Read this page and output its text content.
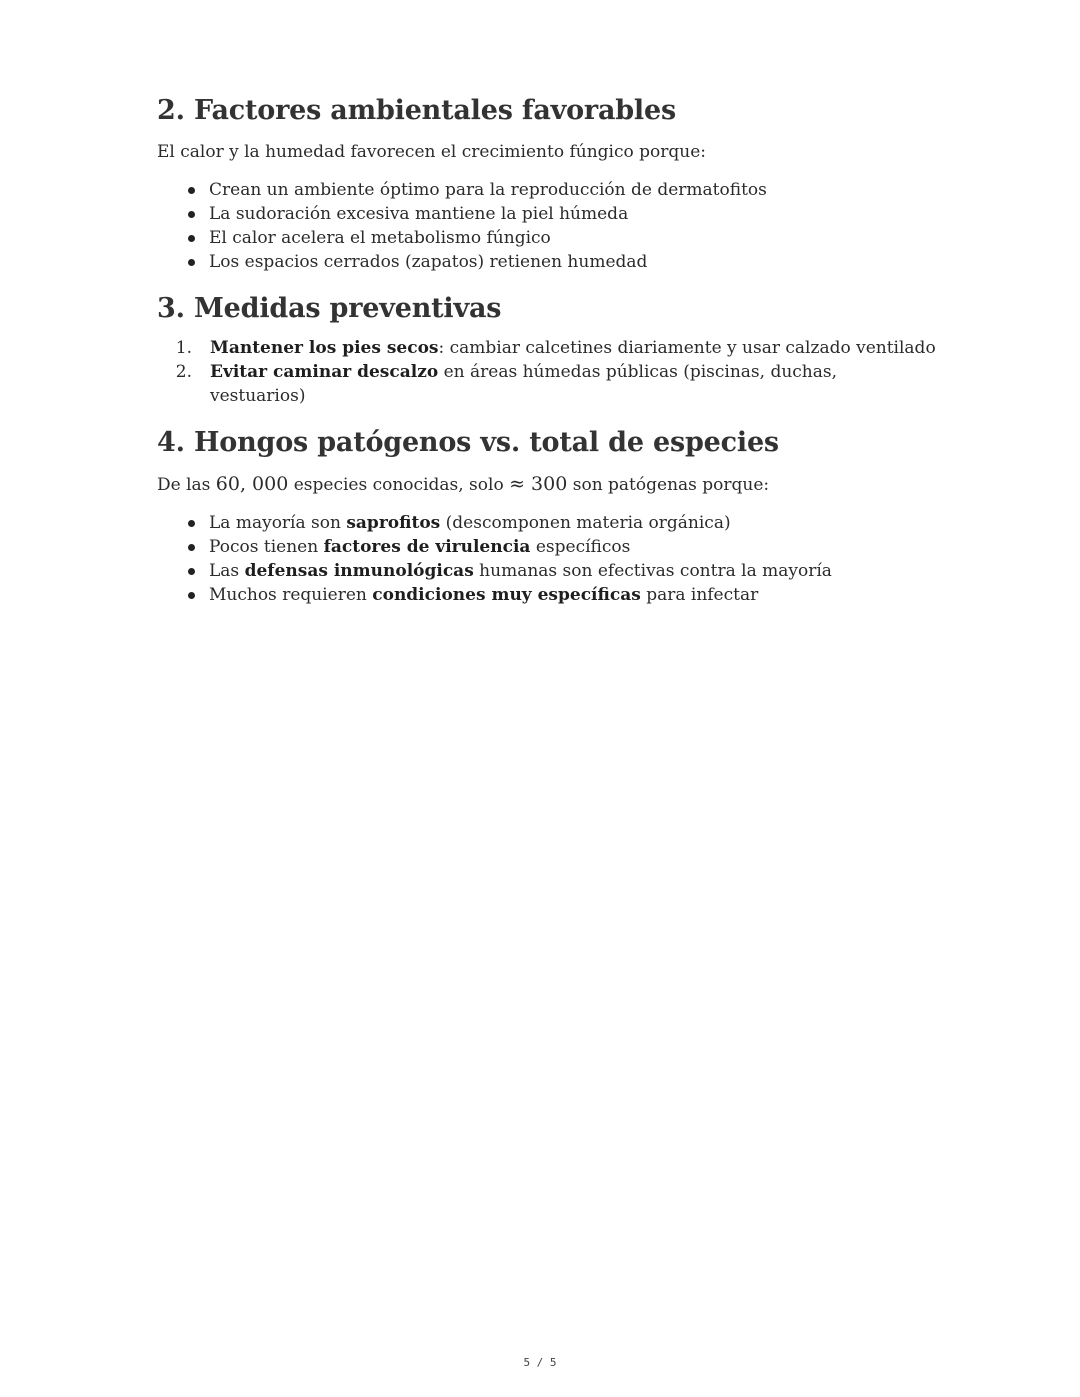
2. Factores ambientales favorables

El calor y la humedad favorecen el crecimiento fúngico porque:

Crean un ambiente óptimo para la reproducción de dermatofitos
La sudoración excesiva mantiene la piel húmeda
El calor acelera el metabolismo fúngico
Los espacios cerrados (zapatos) retienen humedad
3. Medidas preventivas
1. Mantener los pies secos: cambiar calcetines diariamente y usar calzado ventilado
2. Evitar caminar descalzo en áreas húmedas públicas (piscinas, duchas, vestuarios)
4. Hongos patógenos vs. total de especies

De las 60, 000 especies conocidas, solo ≈ 300 son patógenas porque:

La mayoría son saprofitos (descomponen materia orgánica)
Pocos tienen factores de virulencia específicos
Las defensas inmunológicas humanas son efectivas contra la mayoría
Muchos requieren condiciones muy específicas para infectar
5 / 5
